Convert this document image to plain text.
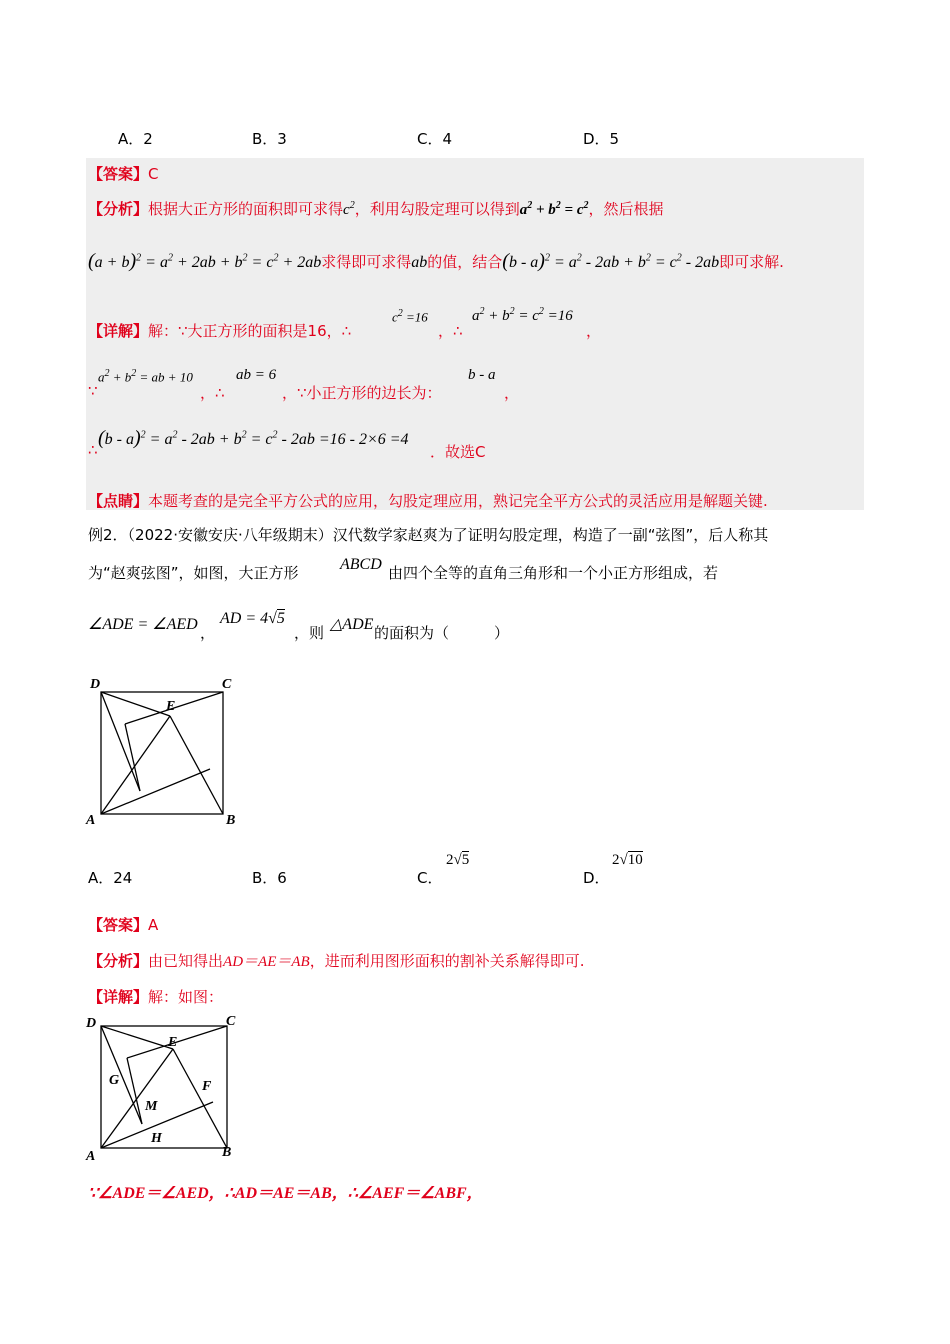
A．2	B．3	C．4	D．5
【答案】C
【分析】根据大正方形的面积即可求得$c^2$，利用勾股定理可以得到$a^2 + b^2 = c^2$，然后根据
$(a + b)^2 = a^2 + 2ab + b^2 = c^2 + 2ab$求得即可求得ab的值，结合$(b - a)^2 = a^2 - 2ab + b^2 = c^2 - 2ab$即可求解.
【详解】解：∵大正方形的面积是16，∴
$c^2 =16$
，∴
$a^2 + b^2 = c^2 =16$
，
∵
$a^2 + b^2$ = ab + 10
，∴
ab = 6
，∵小正方形的边长为：
b - a
，
∴
$(b - a)^2 = a^2 - 2ab + b^2 = c^2 - 2ab =16 - 2\times 6 =4$
．故选C
【点睛】本题考查的是完全平方公式的应用，勾股定理应用，熟记完全平方公式的灵活应用是解题关键.
例2．（2022·安徽安庆·八年级期末）汉代数学家赵爽为了证明勾股定理，构造了一副“弦图”，后人称其
为“赵爽弦图”，如图，大正方形	ABCD 由四个全等的直角三角形和一个小正方形组成，若
∠ADE = ∠AED ，
AD = 4√5
，则 △ADE 的面积为（　　　）
D	C
E
A	B
A．24	B．6	C．
2√5
D．
2√10
【答案】A
【分析】由已知得出AD＝AE＝AB，进而利用图形面积的割补关系解得即可.
【详解】解：如图：
D	C
E
G	F
M
H
A	B
∵∠ADE＝∠AED，∴AD＝AE＝AB，∴∠AEF＝∠ABF，
